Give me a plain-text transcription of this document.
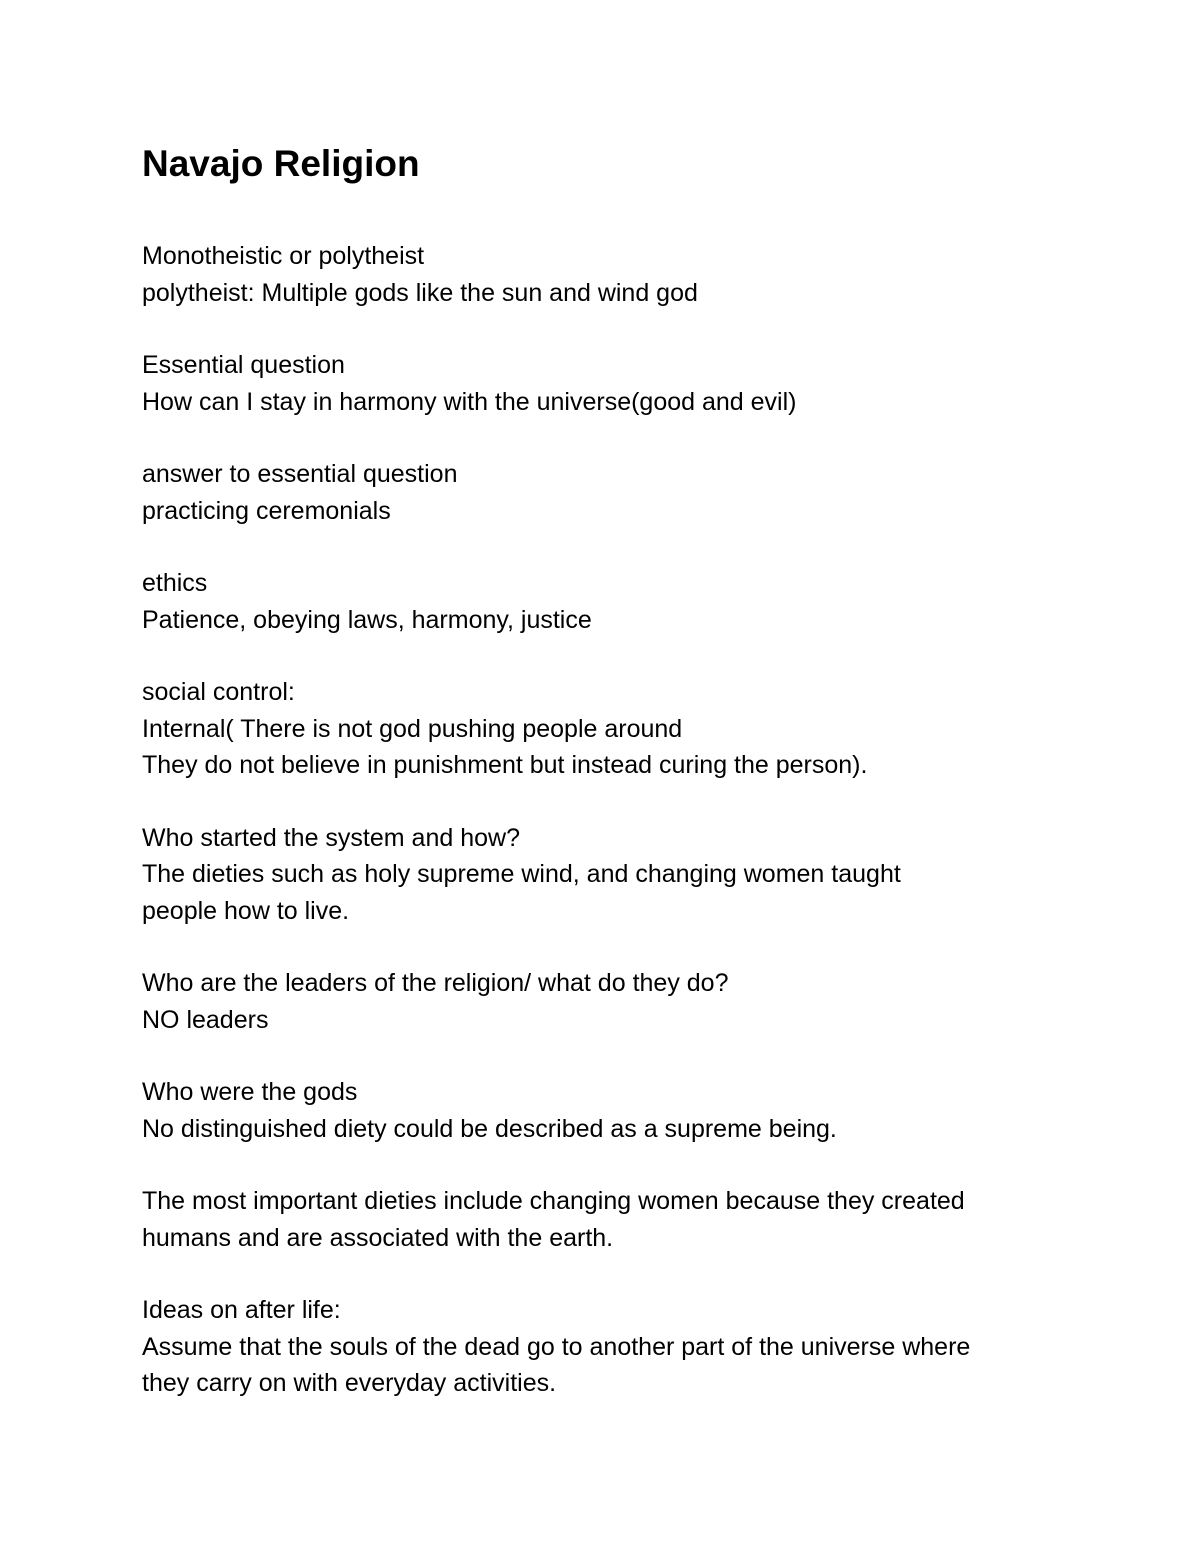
Navajo Religion
Monotheistic or polytheist
polytheist: Multiple gods like the sun and wind god
Essential question
How can I stay in harmony with the universe(good and evil)
answer to essential question
practicing ceremonials
ethics
Patience, obeying laws, harmony, justice
social control:
Internal( There is not god pushing people around
They do not believe in punishment but instead curing the person).
Who started the system and how?
The dieties such as holy supreme wind, and changing women taught
people how to live.
Who are the leaders of the religion/ what do they do?
NO leaders
Who were the gods
No distinguished diety could be described as a supreme being.
The most important dieties include changing women because they created
humans and are associated with the earth.
Ideas on after life:
Assume that the souls of the dead go to another part of the universe where
they carry on with everyday activities.
